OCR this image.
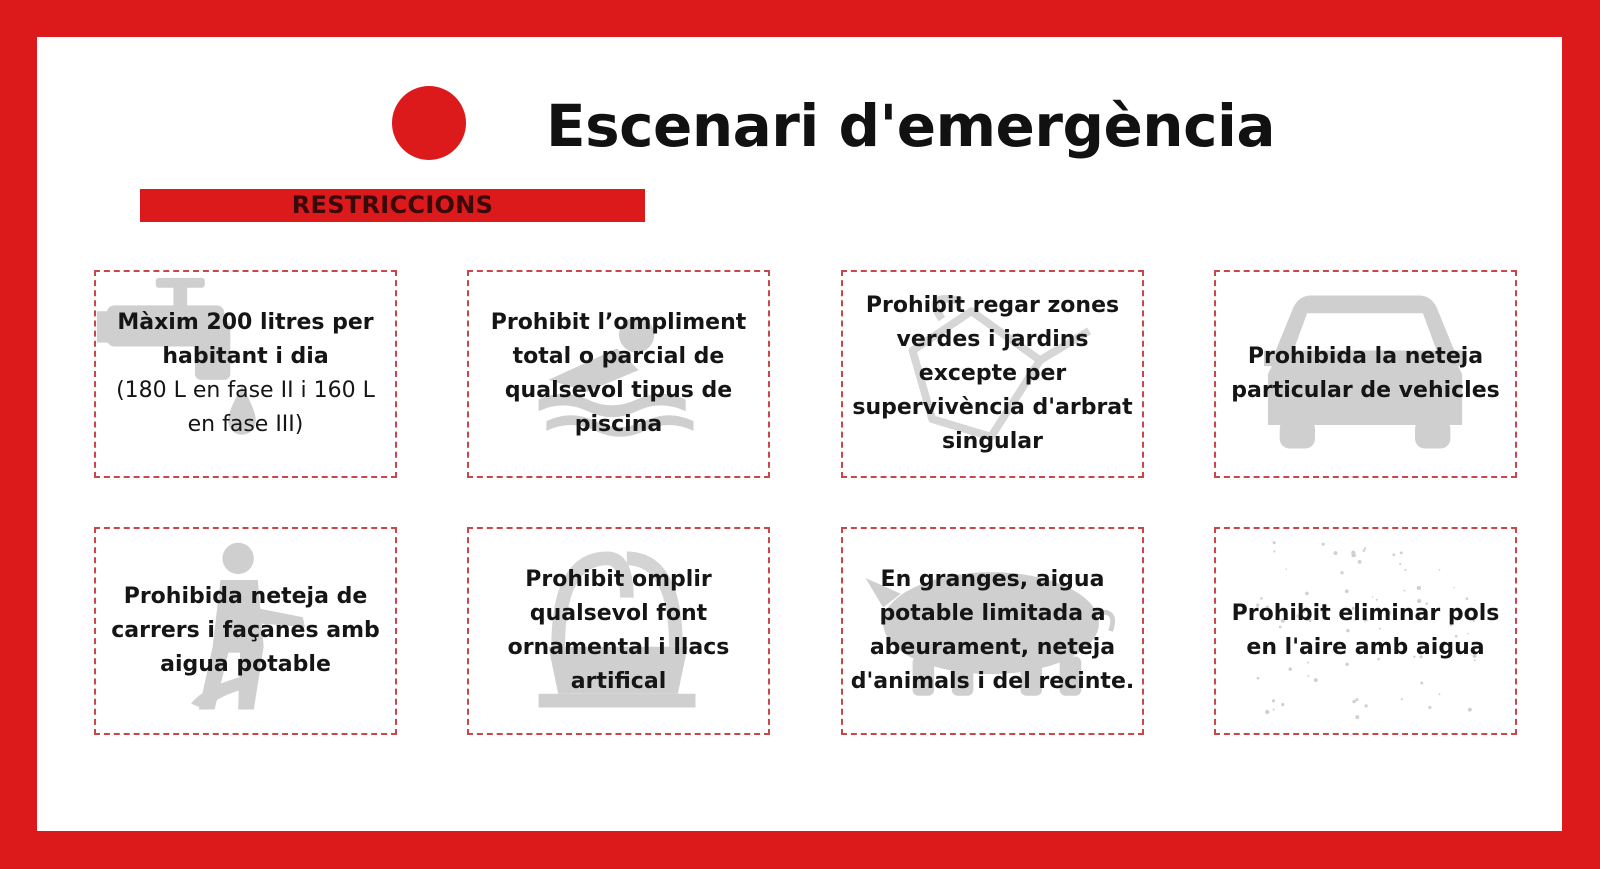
Escenari d'emergència
RESTRICCIONS
Màxim 200 litres per habitant i dia
(180 L en fase II i 160 L en fase III)
Prohibit l’ompliment total o parcial de qualsevol tipus de piscina
Prohibit regar zones verdes i jardins excepte per supervivència d'arbrat singular
Prohibida la neteja particular de vehicles
Prohibida neteja de carrers i façanes amb aigua potable
Prohibit omplir qualsevol font ornamental i llacs artifical
En granges, aigua potable limitada a abeurament, neteja d'animals i del recinte.
Prohibit eliminar pols en l'aire amb aigua
